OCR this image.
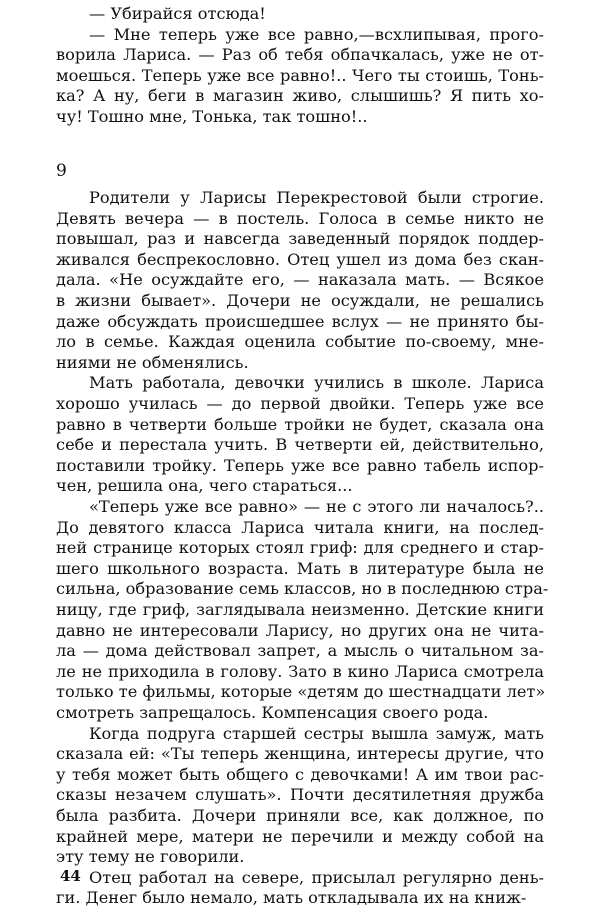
9
44
— Убирайся отсюда!
— Мне теперь уже все равно,—всхлипывая, прого-
ворила Лариса. — Раз об тебя обпачкалась, уже не от-
моешься. Теперь уже все равно!.. Чего ты стоишь, Тонь-
ка? А ну, беги в магазин живо, слышишь? Я пить хо-
чу! Тошно мне, Тонька, так тошно!..
Родители у Ларисы Перекрестовой были строгие.
Девять вечера — в постель. Голоса в семье никто не
повышал, раз и навсегда заведенный порядок поддер-
живался беспрекословно. Отец ушел из дома без скан-
дала. «Не осуждайте его, — наказала мать. — Всякое
в жизни бывает». Дочери не осуждали, не решались
даже обсуждать происшедшее вслух — не принято бы-
ло в семье. Каждая оценила событие по-своему, мне-
ниями не обменялись.
Мать работала, девочки учились в школе. Лариса
хорошо училась — до первой двойки. Теперь уже все
равно в четверти больше тройки не будет, сказала она
себе и перестала учить. В четверти ей, действительно,
поставили тройку. Теперь уже все равно табель испор-
чен, решила она, чего стараться...
«Теперь уже все равно» — не с этого ли началось?..
До девятого класса Лариса читала книги, на послед-
ней странице которых стоял гриф: для среднего и стар-
шего школьного возраста. Мать в литературе была не
сильна, образование семь классов, но в последнюю стра-
ницу, где гриф, заглядывала неизменно. Детские книги
давно не интересовали Ларису, но других она не чита-
ла — дома действовал запрет, а мысль о читальном за-
ле не приходила в голову. Зато в кино Лариса смотрела
только те фильмы, которые «детям до шестнадцати лет»
смотреть запрещалось. Компенсация своего рода.
Когда подруга старшей сестры вышла замуж, мать
сказала ей: «Ты теперь женщина, интересы другие, что
у тебя может быть общего с девочками! А им твои рас-
сказы незачем слушать». Почти десятилетняя дружба
была разбита. Дочери приняли все, как должное, по
крайней мере, матери не перечили и между собой на
эту тему не говорили.
Отец работал на севере, присылал регулярно день-
ги. Денег было немало, мать откладывала их на книж-
